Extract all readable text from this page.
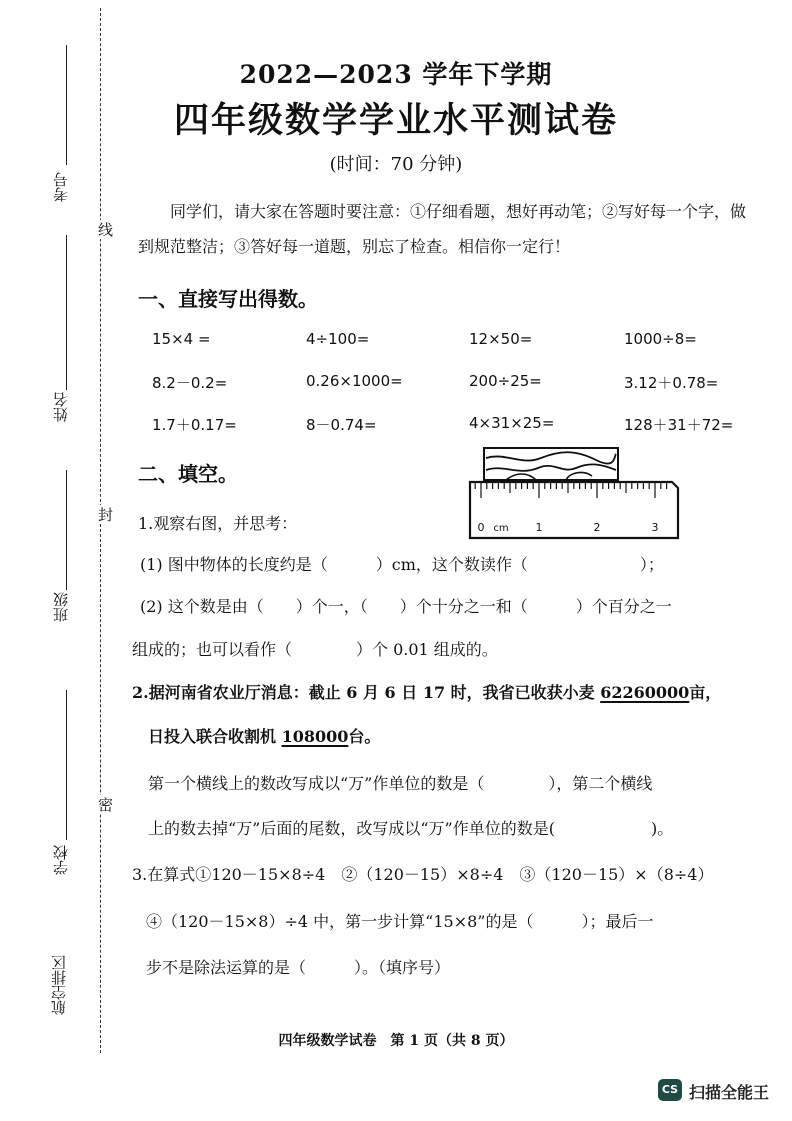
考号
姓名
班级
学校
航空排区
线
封
密
2022—2023 学年下学期
四年级数学学业水平测试卷
(时间：70 分钟)
同学们，请大家在答题时要注意：①仔细看题，想好再动笔；②写好每一个字，做到规范整洁；③答好每一道题，别忘了检查。相信你一定行！
一、直接写出得数。
15×4 =	4÷100=	12×50=	1000÷8=
8.2－0.2=	0.26×1000=	200÷25=	3.12＋0.78=
1.7＋0.17=	8－0.74=	4×31×25=	128＋31＋72=
二、填空。
0 cm 1	2	3
1.观察右图，并思考：
(1) 图中物体的长度约是（　　　）cm，这个数读作（　　　　　　　）；
(2) 这个数是由（　　）个一，（　　）个十分之一和（　　　）个百分之一
组成的；也可以看作（　　　　）个 0.01 组成的。
2.据河南省农业厅消息：截止 6 月 6 日 17 时，我省已收获小麦 62260000亩，
日投入联合收割机 108000台。
第一个横线上的数改写成以“万”作单位的数是（　　　　），第二个横线
上的数去掉“万”后面的尾数，改写成以“万”作单位的数是(　　　　　　)。
3.在算式①120－15×8÷4　②（120－15）×8÷4　③（120－15）×（8÷4）
④（120－15×8）÷4 中，第一步计算“15×8”的是（　　　）；最后一
步不是除法运算的是（　　　）。（填序号）
四年级数学试卷　第 1 页（共 8 页）
CS 扫描全能王
